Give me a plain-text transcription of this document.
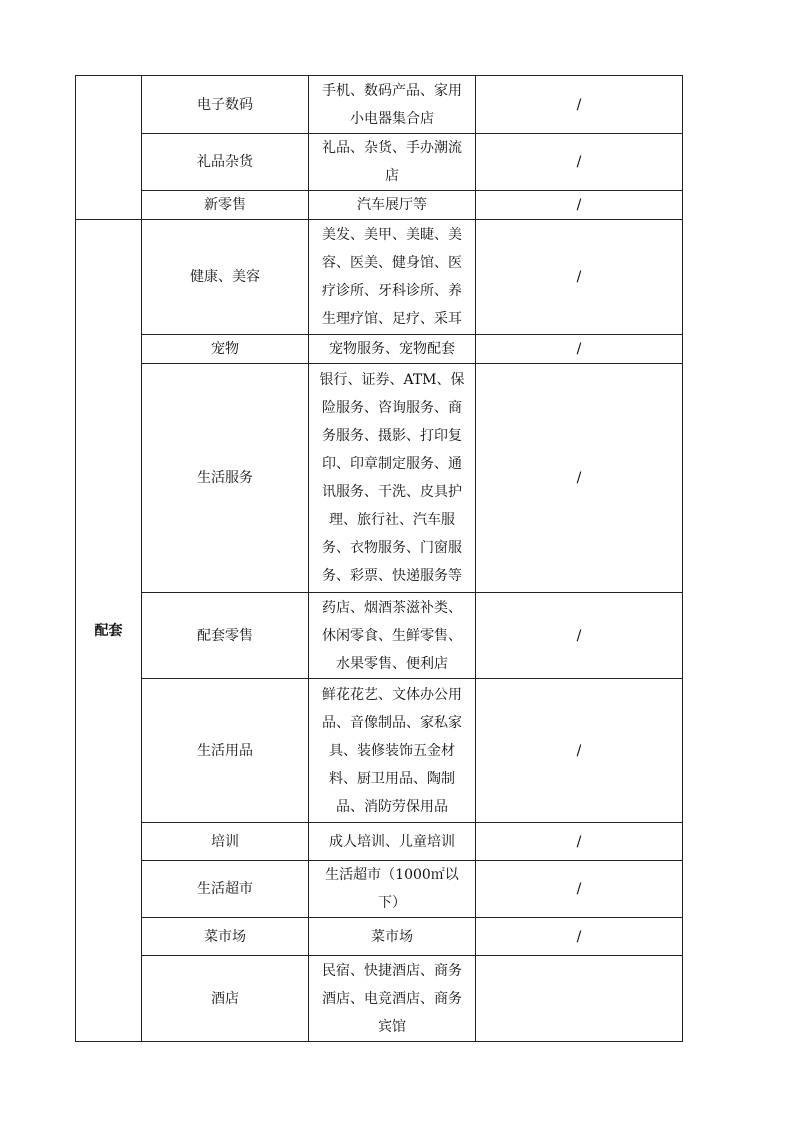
	电子数码	手机、数码产品、家用小电器集合店	/
	礼品杂货	礼品、杂货、手办潮流店	/
	新零售	汽车展厅等	/
配套	健康、美容	美发、美甲、美睫、美容、医美、健身馆、医疗诊所、牙科诊所、养生理疗馆、足疗、采耳	/
	宠物	宠物服务、宠物配套	/
	生活服务	银行、证券、ATM、保险服务、咨询服务、商务服务、摄影、打印复印、印章制定服务、通讯服务、干洗、皮具护理、旅行社、汽车服务、衣物服务、门窗服务、彩票、快递服务等	/
	配套零售	药店、烟酒茶滋补类、休闲零食、生鲜零售、水果零售、便利店	/
	生活用品	鲜花花艺、文体办公用品、音像制品、家私家具、装修装饰五金材料、厨卫用品、陶制品、消防劳保用品	/
	培训	成人培训、儿童培训	/
	生活超市	生活超市（1000㎡以下）	/
	菜市场	菜市场	/
	酒店	民宿、快捷酒店、商务酒店、电竞酒店、商务宾馆	
